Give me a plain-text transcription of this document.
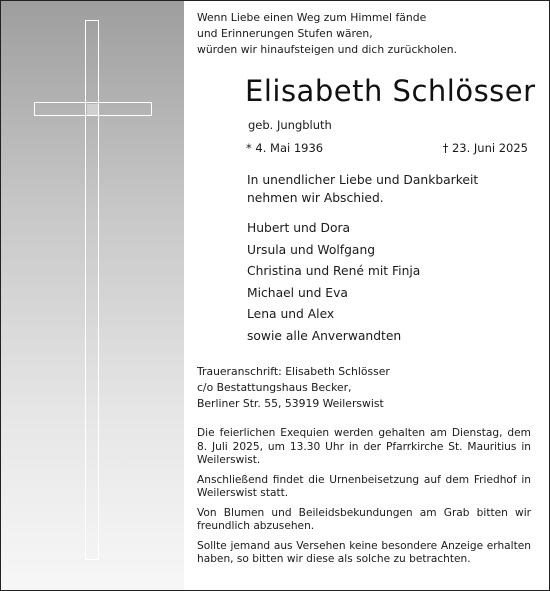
Wenn Liebe einen Weg zum Himmel fände
und Erinnerungen Stufen wären,
würden wir hinaufsteigen und dich zurückholen.
Elisabeth Schlösser
geb. Jungbluth
* 4. Mai 1936	† 23. Juni 2025
In unendlicher Liebe und Dankbarkeit
nehmen wir Abschied.
Hubert und Dora
Ursula und Wolfgang
Christina und René mit Finja
Michael und Eva
Lena und Alex
sowie alle Anverwandten
Traueranschrift: Elisabeth Schlösser
c/o Bestattungshaus Becker,
Berliner Str. 55, 53919 Weilerswist

Die feierlichen Exequien werden gehalten am Dienstag, dem 8. Juli 2025, um 13.30 Uhr in der Pfarrkirche St. Mauritius in Weilerswist.

Anschließend findet die Urnenbeisetzung auf dem Friedhof in Weilerswist statt.

Von Blumen und Beileidsbekundungen am Grab bitten wir freundlich abzusehen.

Sollte jemand aus Versehen keine besondere Anzeige erhalten haben, so bitten wir diese als solche zu betrachten.
